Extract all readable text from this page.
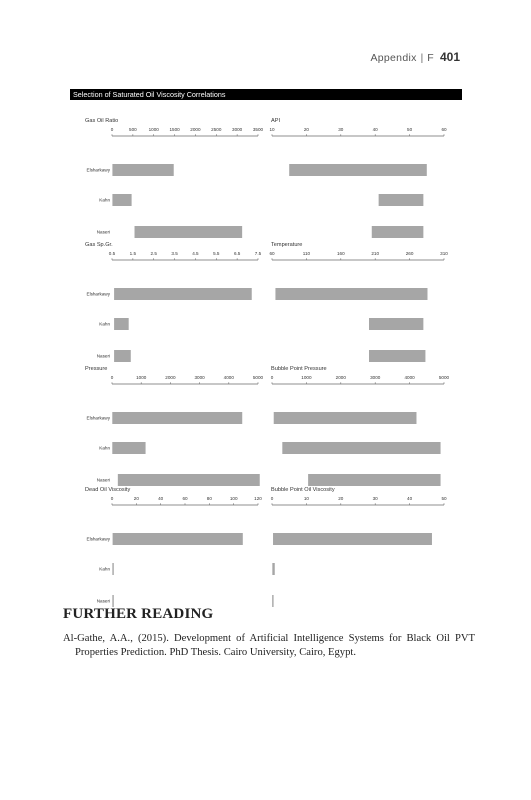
Appendix | F 401
Selection of Saturated Oil Viscosity Correlations
Gas Oil Ratio
0	500	1000 1500 2000 2500 3000 3500
Elsharkawy
Kahn
Naseri
API
10	20	30	40	50	60
Gas Sp.Gr.
0.5	1.5	2.5	3.5	4.5	5.5	6.5	7.5
Elsharkawy
Kahn
Naseri
Temperature
60	110	160	210	260	310
Pressure
0	1000	2000	3000	4000	5000
Elsharkawy
Kahn
Naseri
Bubble Point Pressure
0	1000	2000	3000	4000	5000
Dead Oil Viscosity
0	20	40	60	80	100	120
Elsharkawy
Kahn
Naseri
Bubble Point Oil Viscosity
0	10	20	30	40	50
FURTHER READING
Al-Gathe, A.A., (2015). Development of Artificial Intelligence Systems for Black Oil PVT Properties Prediction. PhD Thesis. Cairo University, Cairo, Egypt.
